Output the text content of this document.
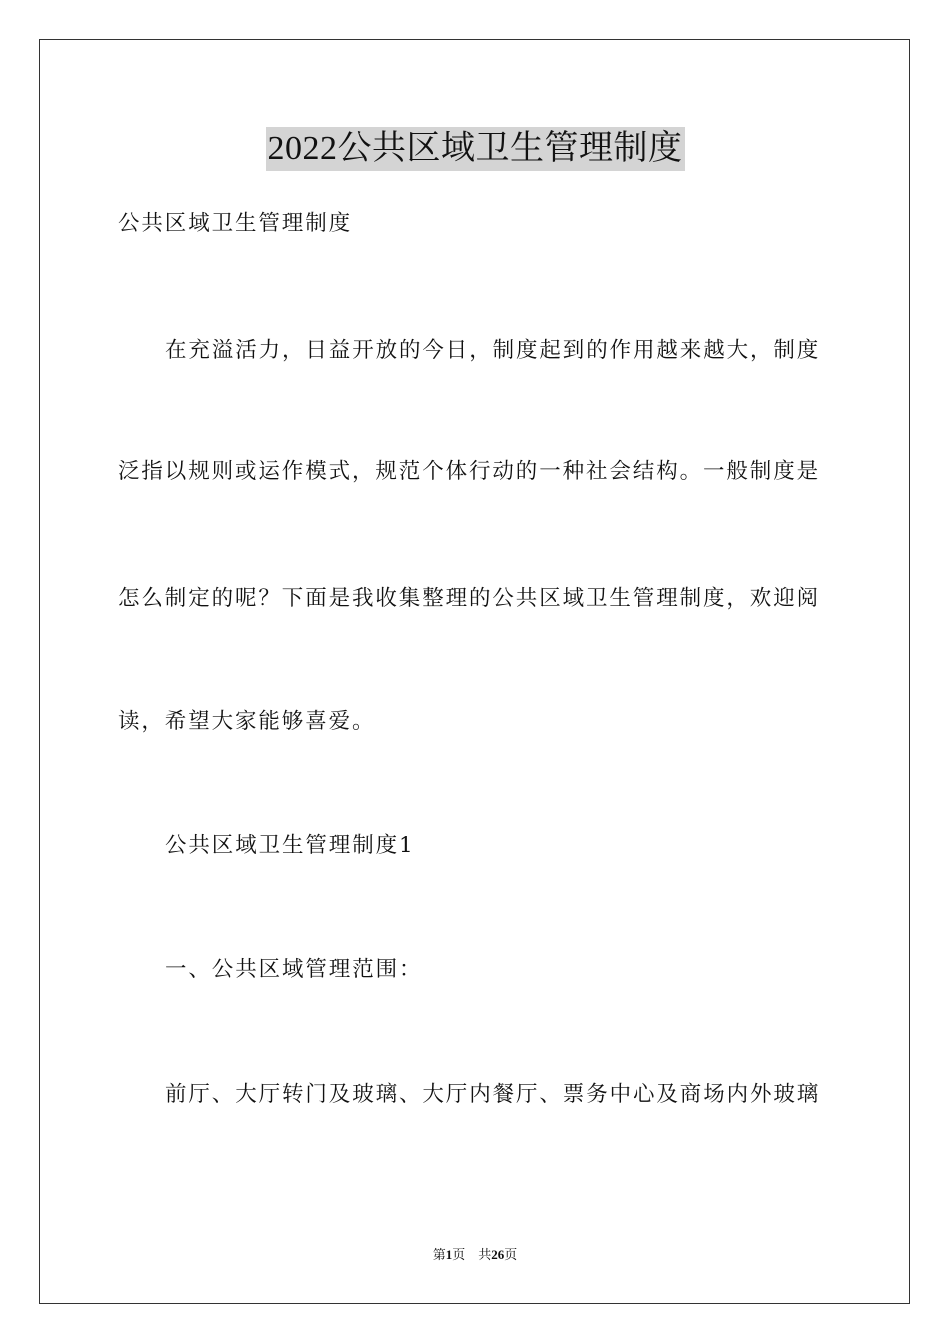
2022公共区域卫生管理制度
公共区域卫生管理制度
在充溢活力，日益开放的今日，制度起到的作用越来越大，制度
泛指以规则或运作模式，规范个体行动的一种社会结构。一般制度是
怎么制定的呢？下面是我收集整理的公共区域卫生管理制度，欢迎阅
读，希望大家能够喜爱。
公共区域卫生管理制度1
一、公共区域管理范围：
前厅、大厅转门及玻璃、大厅内餐厅、票务中心及商场内外玻璃
第1页 共26页
